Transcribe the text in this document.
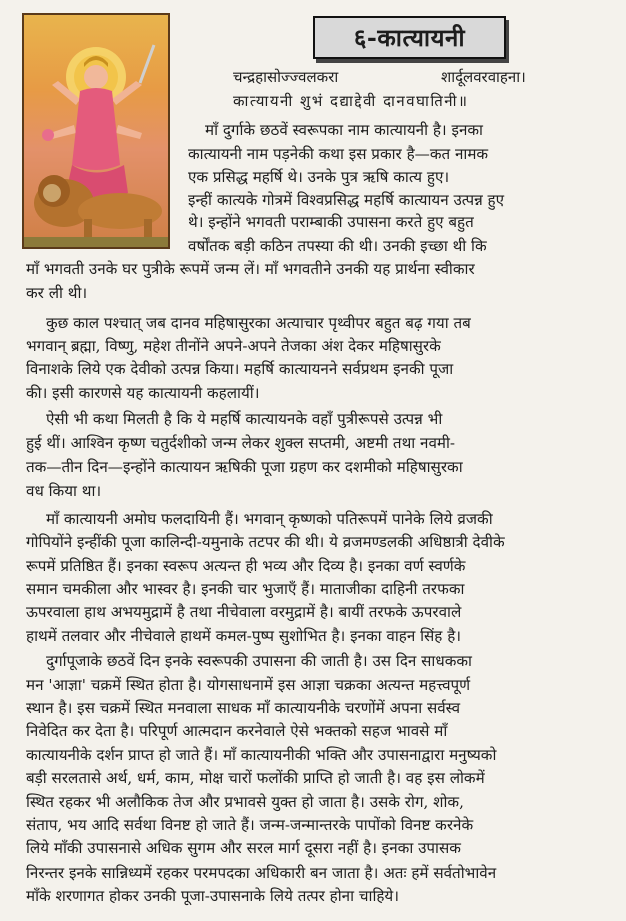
६-कात्यायनी
चन्द्रहासोज्ज्वलकरा	शार्दूलवरवाहना।
कात्यायनी शुभं दद्याद्देवी दानवघातिनी॥
माँ दुर्गाके छठवें स्वरूपका नाम कात्यायनी है। इनका
कात्यायनी नाम पड़नेकी कथा इस प्रकार है—कत नामक
एक प्रसिद्ध महर्षि थे। उनके पुत्र ऋषि कात्य हुए।
इन्हीं कात्यके गोत्रमें विश्वप्रसिद्ध महर्षि कात्यायन उत्पन्न हुए
थे। इन्होंने भगवती पराम्बाकी उपासना करते हुए बहुत
वर्षोंतक बड़ी कठिन तपस्या की थी। उनकी इच्छा थी कि
माँ भगवती उनके घर पुत्रीके रूपमें जन्म लें। माँ भगवतीने उनकी यह प्रार्थना स्वीकार
कर ली थी।
कुछ काल पश्चात् जब दानव महिषासुरका अत्याचार पृथ्वीपर बहुत बढ़ गया तब
भगवान् ब्रह्मा, विष्णु, महेश तीनोंने अपने-अपने तेजका अंश देकर महिषासुरके
विनाशके लिये एक देवीको उत्पन्न किया। महर्षि कात्यायनने सर्वप्रथम इनकी पूजा
की। इसी कारणसे यह कात्यायनी कहलायीं।
ऐसी भी कथा मिलती है कि ये महर्षि कात्यायनके वहाँ पुत्रीरूपसे उत्पन्न भी
हुई थीं। आश्विन कृष्ण चतुर्दशीको जन्म लेकर शुक्ल सप्तमी, अष्टमी तथा नवमी-
तक—तीन दिन—इन्होंने कात्यायन ऋषिकी पूजा ग्रहण कर दशमीको महिषासुरका
वध किया था।
माँ कात्यायनी अमोघ फलदायिनी हैं। भगवान् कृष्णको पतिरूपमें पानेके लिये व्रजकी
गोपियोंने इन्हींकी पूजा कालिन्दी-यमुनाके तटपर की थी। ये व्रजमण्डलकी अधिष्ठात्री देवीके
रूपमें प्रतिष्ठित हैं। इनका स्वरूप अत्यन्त ही भव्य और दिव्य है। इनका वर्ण स्वर्णके
समान चमकीला और भास्वर है। इनकी चार भुजाएँ हैं। माताजीका दाहिनी तरफका
ऊपरवाला हाथ अभयमुद्रामें है तथा नीचेवाला वरमुद्रामें है। बायीं तरफके ऊपरवाले
हाथमें तलवार और नीचेवाले हाथमें कमल-पुष्प सुशोभित है। इनका वाहन सिंह है।
दुर्गापूजाके छठवें दिन इनके स्वरूपकी उपासना की जाती है। उस दिन साधकका
मन 'आज्ञा' चक्रमें स्थित होता है। योगसाधनामें इस आज्ञा चक्रका अत्यन्त महत्त्वपूर्ण
स्थान है। इस चक्रमें स्थित मनवाला साधक माँ कात्यायनीके चरणोंमें अपना सर्वस्व
निवेदित कर देता है। परिपूर्ण आत्मदान करनेवाले ऐसे भक्तको सहज भावसे माँ
कात्यायनीके दर्शन प्राप्त हो जाते हैं। माँ कात्यायनीकी भक्ति और उपासनाद्वारा मनुष्यको
बड़ी सरलतासे अर्थ, धर्म, काम, मोक्ष चारों फलोंकी प्राप्ति हो जाती है। वह इस लोकमें
स्थित रहकर भी अलौकिक तेज और प्रभावसे युक्त हो जाता है। उसके रोग, शोक,
संताप, भय आदि सर्वथा विनष्ट हो जाते हैं। जन्म-जन्मान्तरके पापोंको विनष्ट करनेके
लिये माँकी उपासनासे अधिक सुगम और सरल मार्ग दूसरा नहीं है। इनका उपासक
निरन्तर इनके सान्निध्यमें रहकर परमपदका अधिकारी बन जाता है। अतः हमें सर्वतोभावेन
माँके शरणागत होकर उनकी पूजा-उपासनाके लिये तत्पर होना चाहिये।
